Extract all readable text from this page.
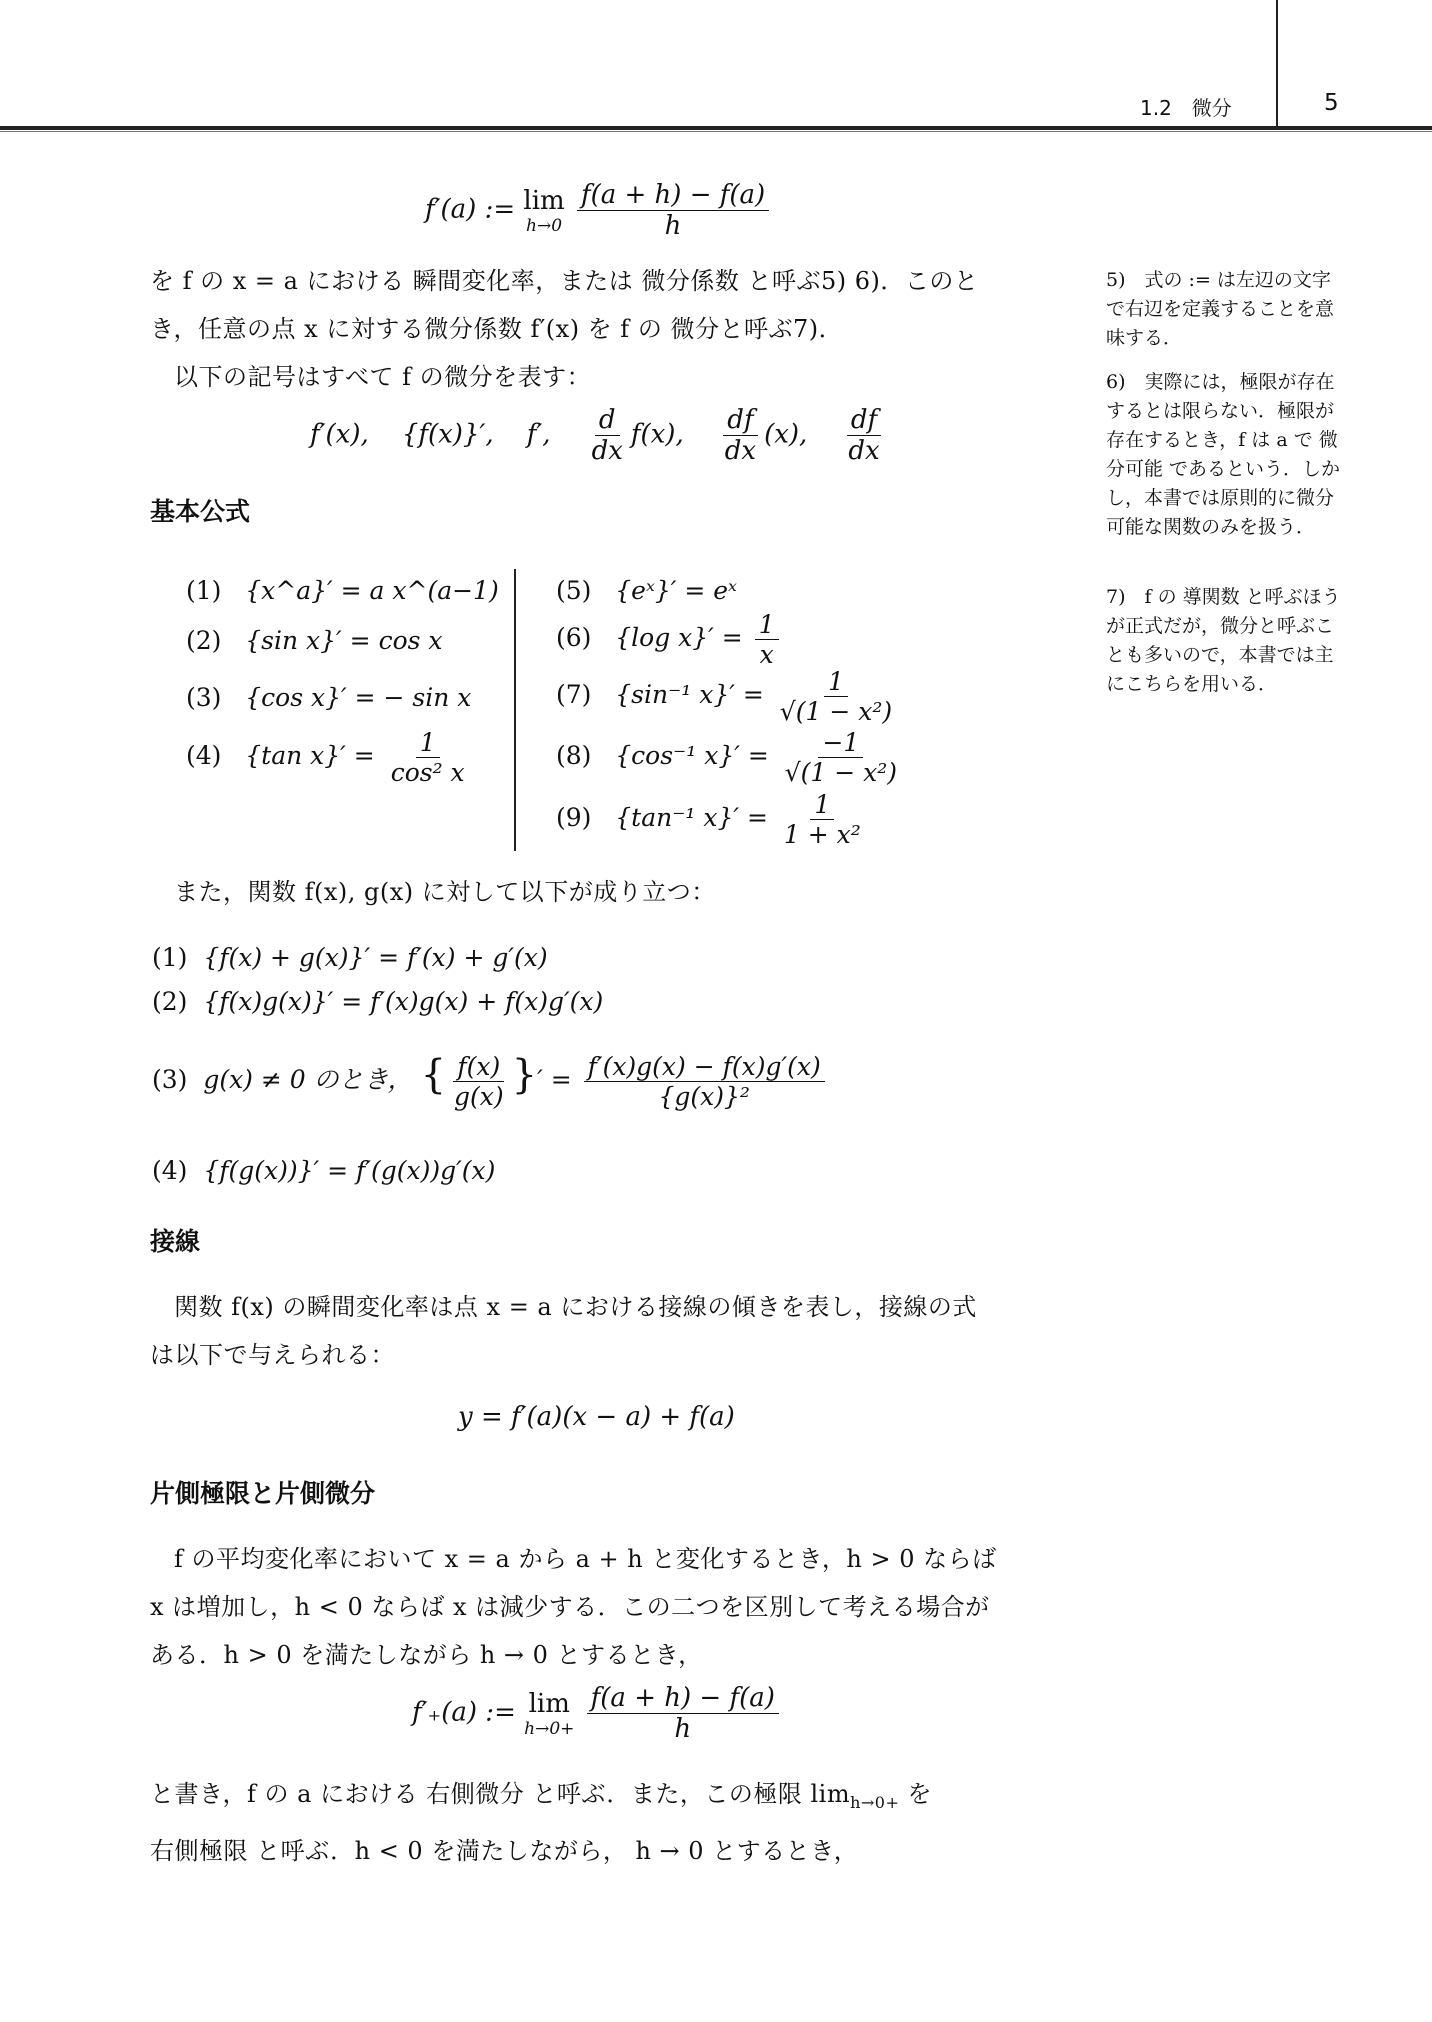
1.2　微分	5
f′(a) := lim
h→0
$\frac{f(a + h) - f(a)}{h}$
を f の x = a における 瞬間変化率，または 微分係数 と呼ぶ5) 6)．このと
き，任意の点 x に対する微分係数 f′(x) を f の 微分と呼ぶ7)．
以下の記号はすべて f の微分を表す：
f′(x), {f(x)}′, f′, $\frac{d}{dx} f(x)$, $\frac{df}{dx} (x)$, $\frac{df}{dx}$
基本公式
(1) {x^a}′ = a x^(a−1)
(2) {sin x}′ = cos x
(3) {cos x}′ = − sin x
(4) {tan $x\}' = \frac{1}{\text{cos² x}}$
(5) {eˣ}′ = eˣ
(6) {log $x\}' = \frac{1}{x}$
(7) {sin⁻¹ $x\}' = \frac{1}{\text{√(1 − x²)}}$
(8) {cos⁻¹ $x\}' = \frac{-1}{\text{√(1 − x²)}}$
(9) {tan⁻¹ $x\}' = \frac{1}{\text{1 + x²}}$
また，関数 f(x), g(x) に対して以下が成り立つ：
(1) {f(x) + g(x)}′ = f′(x) + g′(x)
(2) {f(x)g(x)}′ = f′(x)g(x) + f(x)g′(x)
(3) g(x) ≠ 0 のとき， { $\frac{f(x)}{g(x)}$ }′ = $\frac{f'(x)g(x) - f(x)g'(x)}{\text{\{g(x)\}²}}$
(4) {f(g(x))}′ = f′(g(x))g′(x)
接線
関数 f(x) の瞬間変化率は点 x = a における接線の傾きを表し，接線の式
は以下で与えられる：
y = f′(a)(x − a) + f(a)
片側極限と片側微分
f の平均変化率において x = a から a + h と変化するとき，h > 0 ならば
x は増加し，h < 0 ならば x は減少する．この二つを区別して考える場合が
ある．h > 0 を満たしながら h → 0 とするとき，
f′₊(a) := lim
h→0+
$\frac{f(a + h) - f(a)}{h}$
と書き，f の a における 右側微分 と呼ぶ．また，この極限 $\lim_{h\to 0+}$ を
右側極限 と呼ぶ．h < 0 を満たしながら， h → 0 とするとき，
5)　式の := は左辺の文字で右辺を定義することを意味する．
6)　実際には，極限が存在するとは限らない．極限が存在するとき，f は a で 微分可能 であるという．しかし，本書では原則的に微分可能な関数のみを扱う．
7)　f の 導関数 と呼ぶほうが正式だが，微分と呼ぶことも多いので，本書では主にこちらを用いる．
